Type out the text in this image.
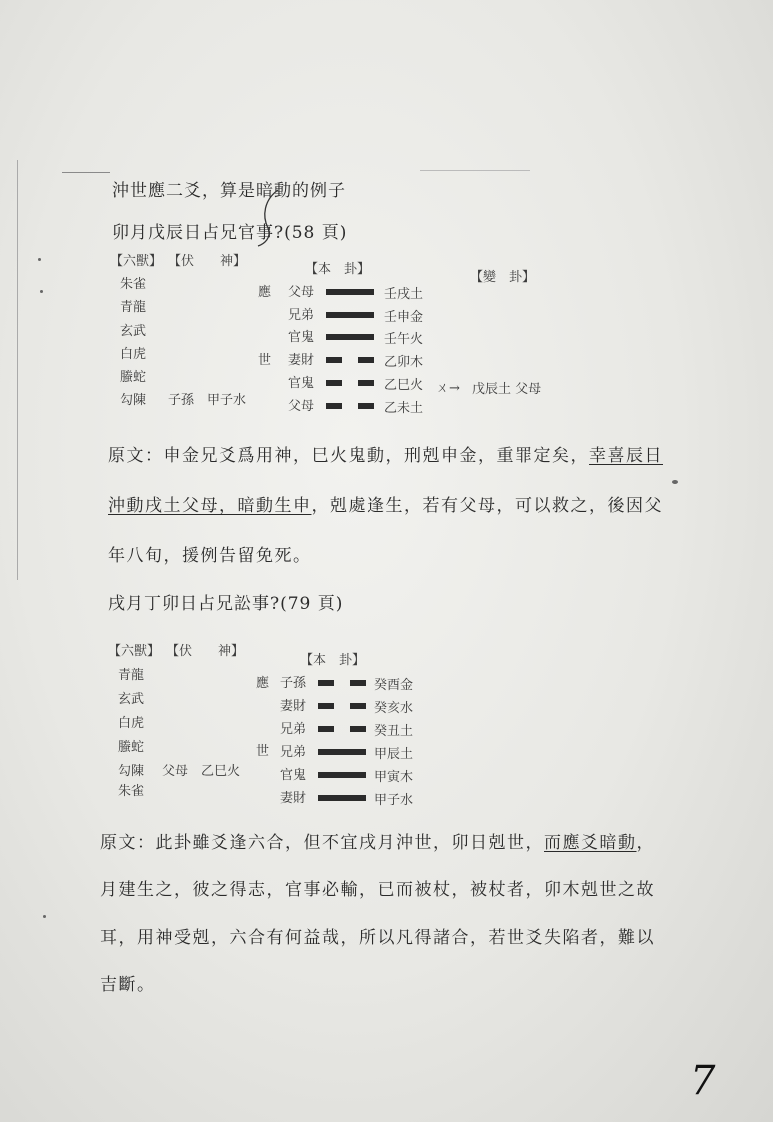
沖世應二爻，算是暗動的例子
卯月戊辰日占兄官事?(58 頁)
【六獸】 【伏　　神】
【本　卦】
【變　卦】
朱雀
青龍
玄武
白虎
螣蛇
勾陳 子孫　甲子水
應
世
父母
兄弟
官鬼
妻財
官鬼
父母
壬戌土
壬申金
壬午火
乙卯木
乙巳火
乙未土
ㄨ→ 戊辰土 父母
原文：申金兄爻爲用神，巳火鬼動，刑剋申金，重罪定矣，幸喜辰日
沖動戌土父母，暗動生申，剋處逢生，若有父母，可以救之，後因父
年八旬，援例告留免死。
戌月丁卯日占兄訟事?(79 頁)
【六獸】 【伏　　神】
【本　卦】
青龍
玄武
白虎
螣蛇
勾陳
朱雀
父母　乙巳火
應
世
子孫
妻財
兄弟
兄弟
官鬼
妻財
癸酉金
癸亥水
癸丑土
甲辰土
甲寅木
甲子水
原文：此卦雖爻逢六合，但不宜戌月沖世，卯日剋世，而應爻暗動，
月建生之，彼之得志，官事必輸，已而被杖，被杖者，卯木剋世之故
耳，用神受剋，六合有何益哉，所以凡得諸合，若世爻失陷者，難以
吉斷。
7
